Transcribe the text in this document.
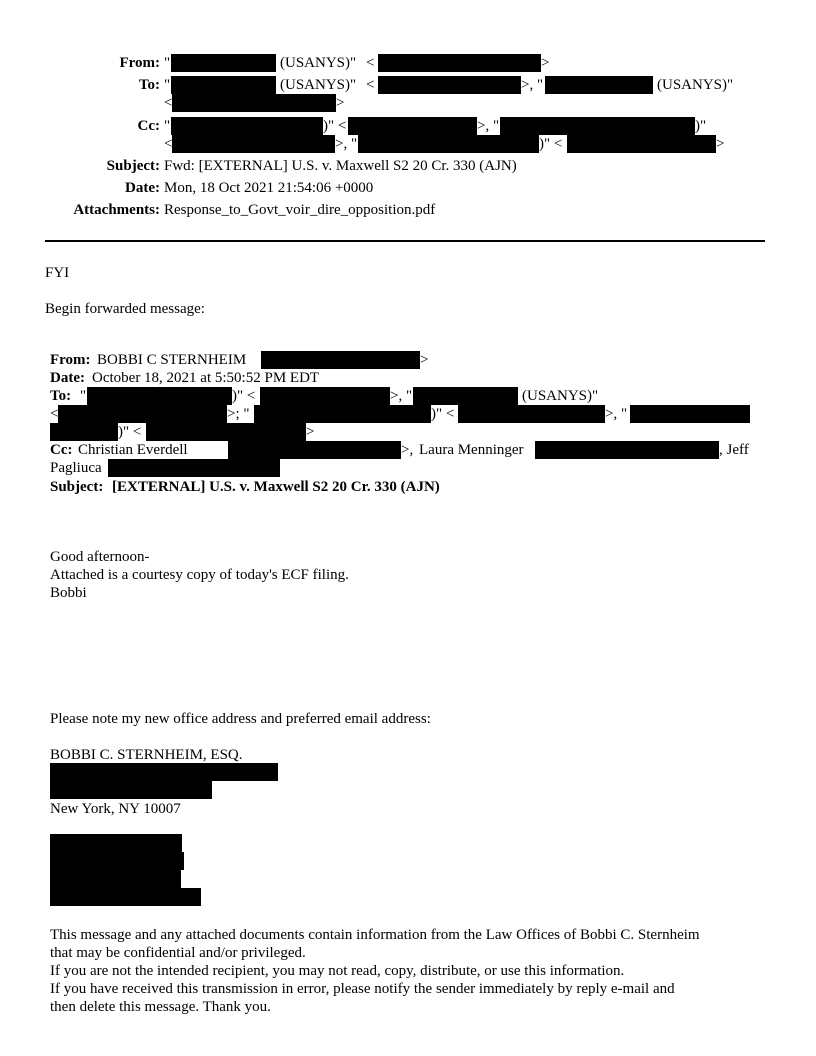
From: "	(USANYS)" <	>
To: "	(USANYS)" <	>, "	(USANYS)"
<	>
Cc: "	)" <	>, "	)"
<	>, "	)" <	>
Subject: Fwd: [EXTERNAL] U.S. v. Maxwell S2 20 Cr. 330 (AJN)
Date: Mon, 18 Oct 2021 21:54:06 +0000
Attachments: Response_to_Govt_voir_dire_opposition.pdf
FYI
Begin forwarded message:
From: BOBBI C STERNHEIM	>
Date: October 18, 2021 at 5:50:52 PM EDT
To: "	)" <	>, "	(USANYS)"
<	>; "	)" <	>, "
)" <	>
Cc: Christian Everdell	>, Laura Menninger	, Jeff
Pagliuca
Subject: [EXTERNAL] U.S. v. Maxwell S2 20 Cr. 330 (AJN)
Good afternoon-
Attached is a courtesy copy of today's ECF filing.
Bobbi
Please note my new office address and preferred email address:
BOBBI C. STERNHEIM, ESQ.
New York, NY 10007
This message and any attached documents contain information from the Law Offices of Bobbi C. Sternheim
that may be confidential and/or privileged.
If you are not the intended recipient, you may not read, copy, distribute, or use this information.
If you have received this transmission in error, please notify the sender immediately by reply e-mail and
then delete this message. Thank you.
